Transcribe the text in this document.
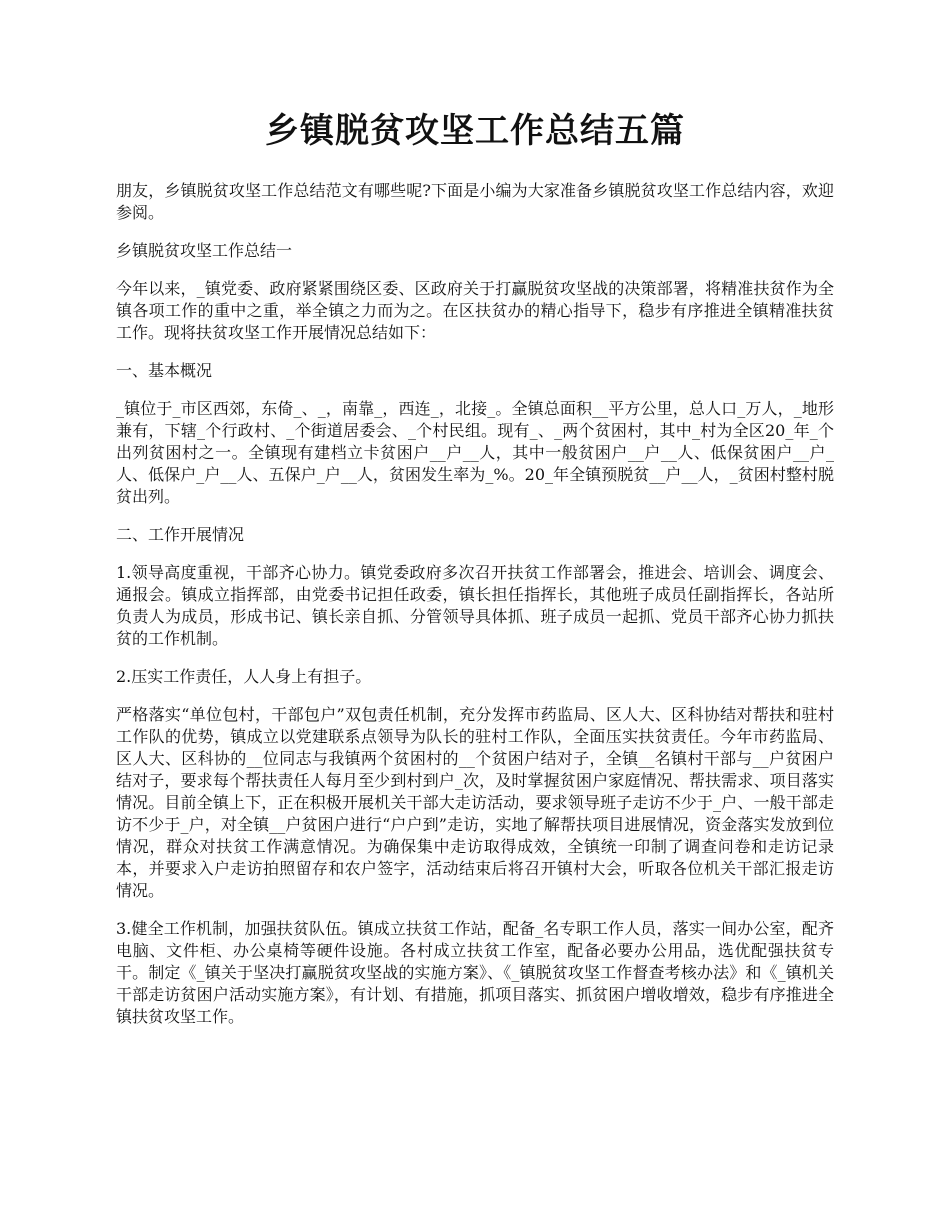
乡镇脱贫攻坚工作总结五篇

朋友，乡镇脱贫攻坚工作总结范文有哪些呢?下面是小编为大家准备乡镇脱贫攻坚工作总结内容，欢迎参阅。

乡镇脱贫攻坚工作总结一

今年以来，_镇党委、政府紧紧围绕区委、区政府关于打赢脱贫攻坚战的决策部署，将精准扶贫作为全镇各项工作的重中之重，举全镇之力而为之。在区扶贫办的精心指导下，稳步有序推进全镇精准扶贫工作。现将扶贫攻坚工作开展情况总结如下：

一、基本概况

_镇位于_市区西郊，东倚_、_，南靠_，西连_，北接_。全镇总面积__平方公里，总人口_万人，_地形兼有，下辖_个行政村、_个街道居委会、_个村民组。现有_、_两个贫困村，其中_村为全区20_年_个出列贫困村之一。全镇现有建档立卡贫困户__户__人，其中一般贫困户__户__人、低保贫困户__户_人、低保户_户__人、五保户_户__人，贫困发生率为_%。20_年全镇预脱贫__户__人，_贫困村整村脱贫出列。

二、工作开展情况

1.领导高度重视，干部齐心协力。镇党委政府多次召开扶贫工作部署会，推进会、培训会、调度会、通报会。镇成立指挥部，由党委书记担任政委，镇长担任指挥长，其他班子成员任副指挥长，各站所负责人为成员，形成书记、镇长亲自抓、分管领导具体抓、班子成员一起抓、党员干部齐心协力抓扶贫的工作机制。

2.压实工作责任，人人身上有担子。

严格落实“单位包村，干部包户”双包责任机制，充分发挥市药监局、区人大、区科协结对帮扶和驻村工作队的优势，镇成立以党建联系点领导为队长的驻村工作队，全面压实扶贫责任。今年市药监局、区人大、区科协的__位同志与我镇两个贫困村的__个贫困户结对子，全镇__名镇村干部与__户贫困户结对子，要求每个帮扶责任人每月至少到村到户_次，及时掌握贫困户家庭情况、帮扶需求、项目落实情况。目前全镇上下，正在积极开展机关干部大走访活动，要求领导班子走访不少于_户、一般干部走访不少于_户，对全镇__户贫困户进行“户户到”走访，实地了解帮扶项目进展情况，资金落实发放到位情况，群众对扶贫工作满意情况。为确保集中走访取得成效，全镇统一印制了调查问卷和走访记录本，并要求入户走访拍照留存和农户签字，活动结束后将召开镇村大会，听取各位机关干部汇报走访情况。

3.健全工作机制，加强扶贫队伍。镇成立扶贫工作站，配备_名专职工作人员，落实一间办公室，配齐电脑、文件柜、办公桌椅等硬件设施。各村成立扶贫工作室，配备必要办公用品，选优配强扶贫专干。制定《_镇关于坚决打赢脱贫攻坚战的实施方案》、《_镇脱贫攻坚工作督查考核办法》和《_镇机关干部走访贫困户活动实施方案》，有计划、有措施，抓项目落实、抓贫困户增收增效，稳步有序推进全镇扶贫攻坚工作。
